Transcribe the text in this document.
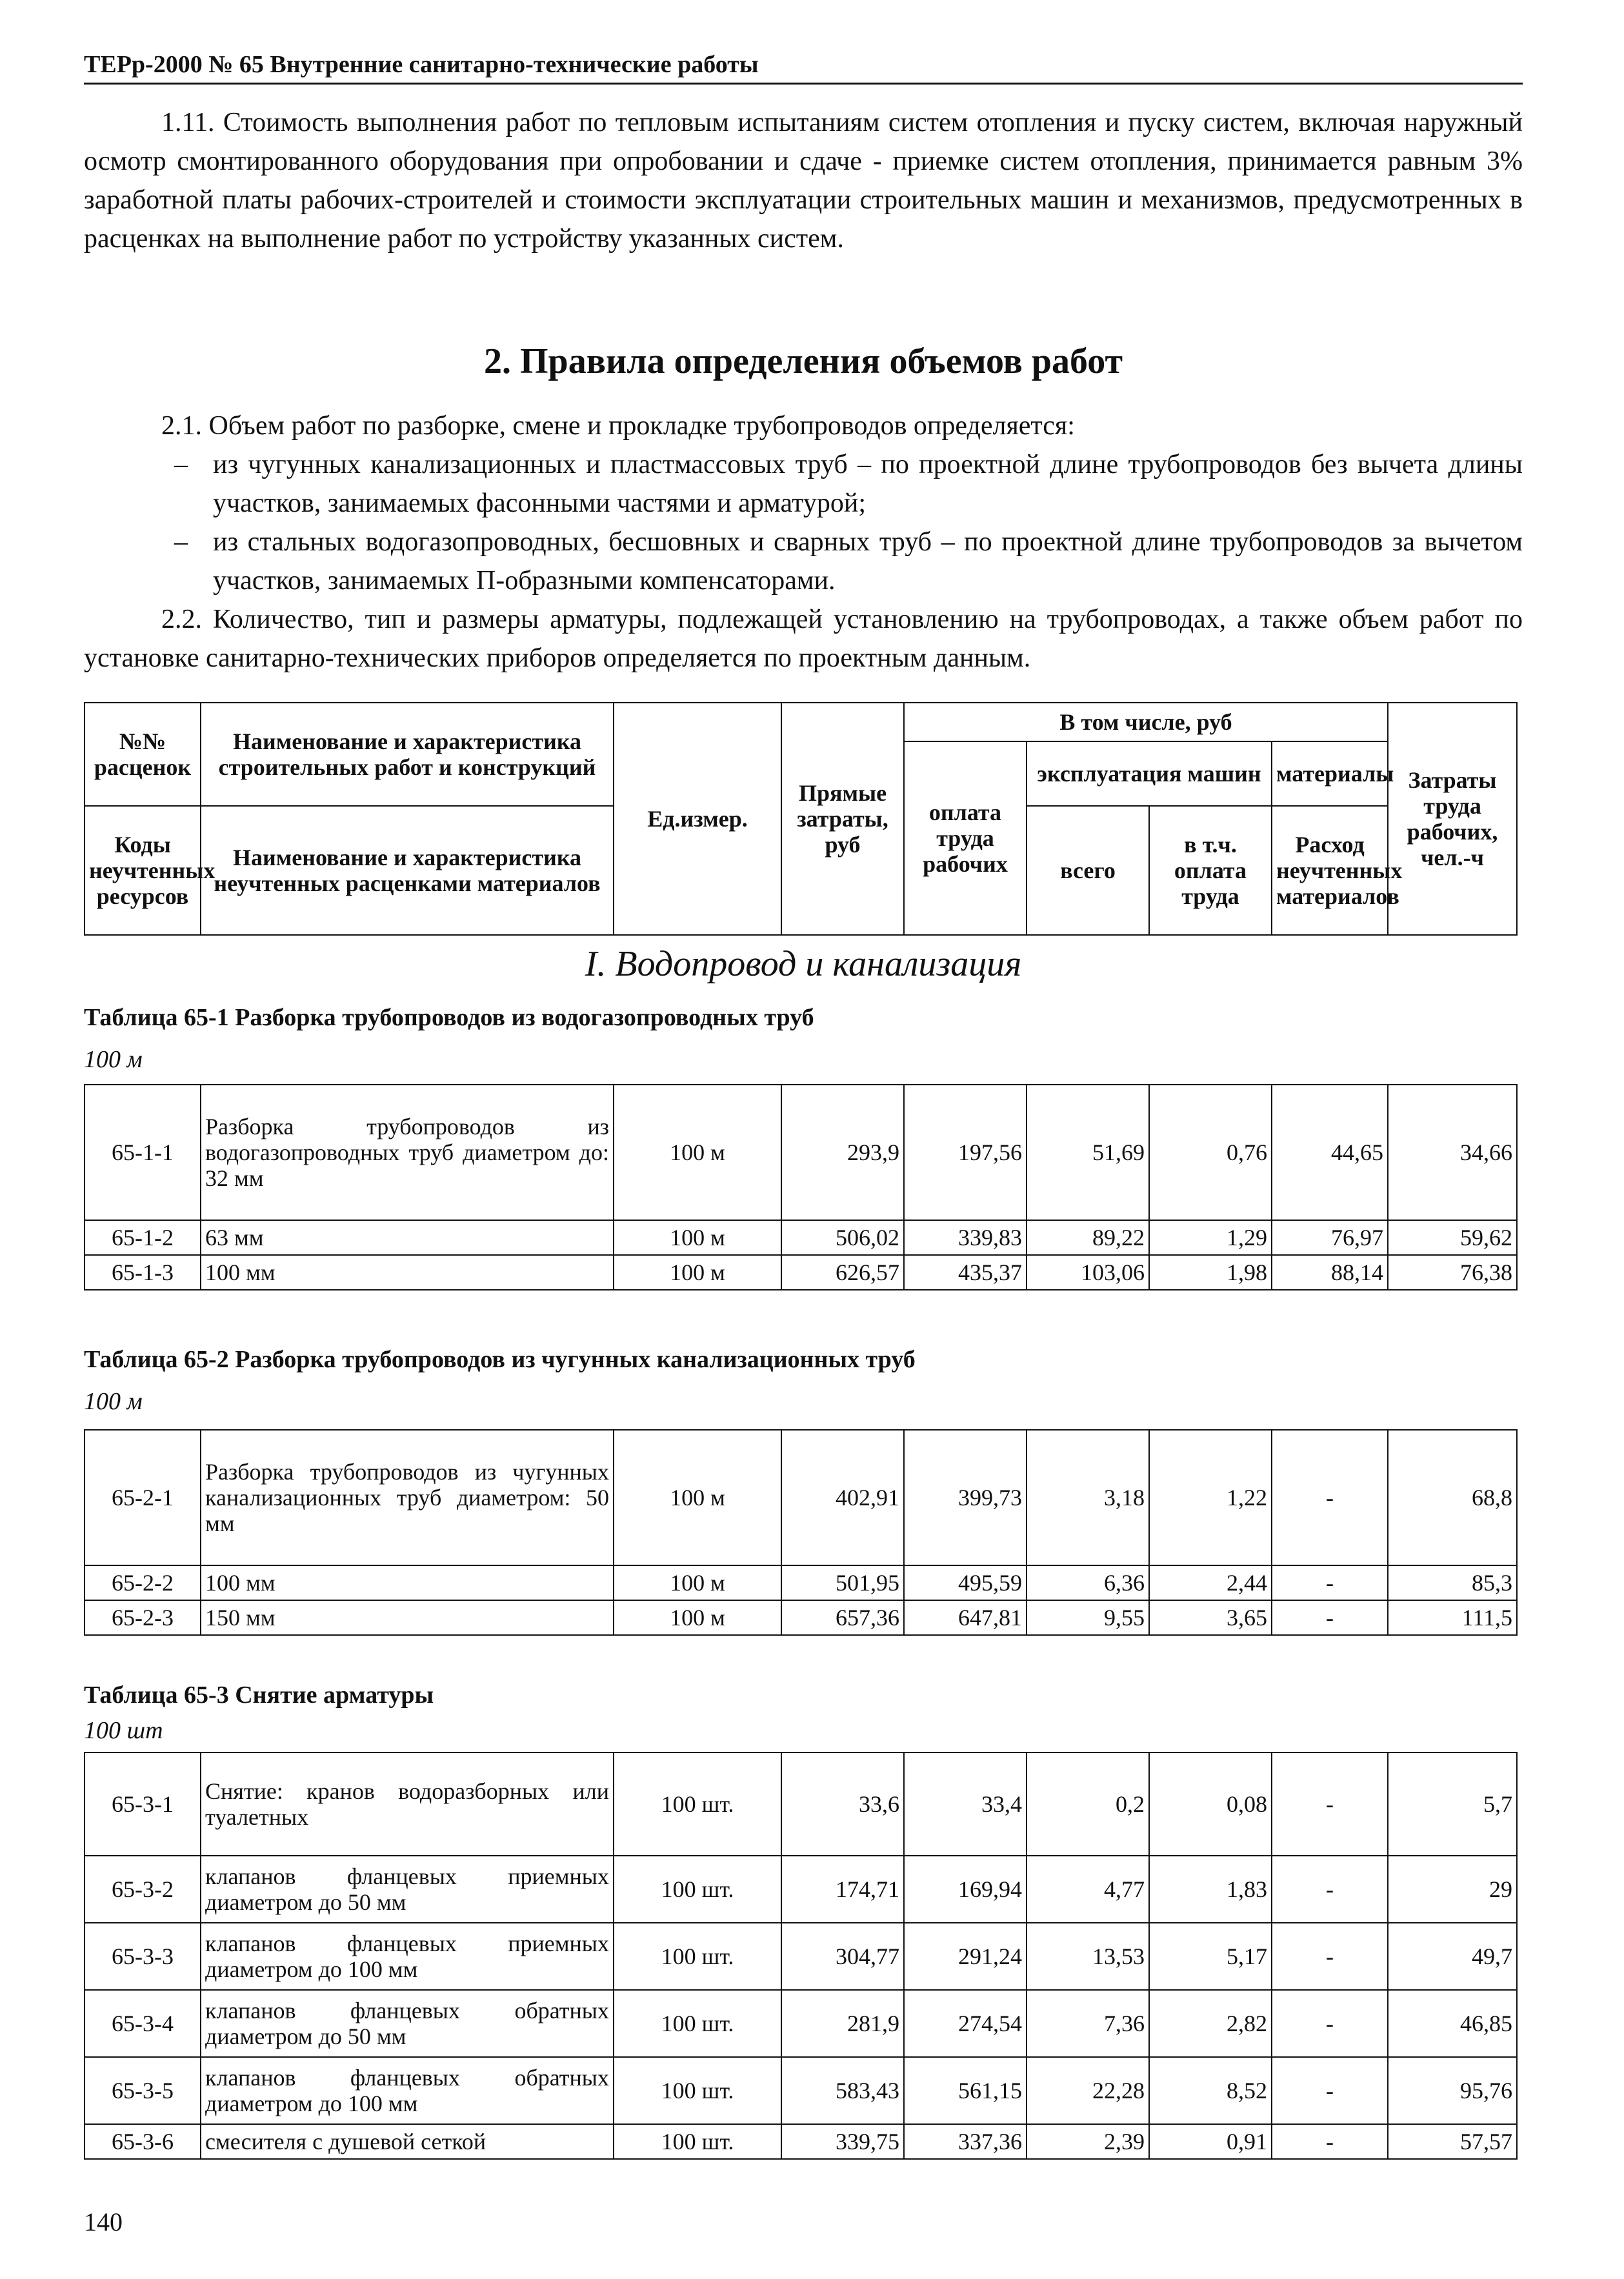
ТЕРр-2000 № 65 Внутренние санитарно-технические работы
1.11. Стоимость выполнения работ по тепловым испытаниям систем отопления и пуску систем, включая наружный осмотр смонтированного оборудования при опробовании и сдаче - приемке систем отопления, принимается равным 3% заработной платы рабочих-строителей и стоимости эксплуатации строительных машин и механизмов, предусмотренных в расценках на выполнение работ по устройству указанных систем.
2. Правила определения объемов работ
2.1. Объем работ по разборке, смене и прокладке трубопроводов определяется:
– из чугунных канализационных и пластмассовых труб – по проектной длине трубопроводов без вычета длины участков, занимаемых фасонными частями и арматурой;
– из стальных водогазопроводных, бесшовных и сварных труб – по проектной длине трубопроводов за вычетом участков, занимаемых П-образными компенсаторами.
2.2. Количество, тип и размеры арматуры, подлежащей установлению на трубопроводах, а также объем работ по установке санитарно-технических приборов определяется по проектным данным.
№№ расценок	Наименование и характеристика строительных работ и конструкций	Ед.измер.	Прямые затраты, руб	В том числе, руб				Затраты труда рабочих, чел.-ч
				оплата труда рабочих	эксплуатация машин		материалы	
Коды неучтенных ресурсов	Наименование и характеристика неучтенных расценками материалов				всего	в т.ч. оплата труда	Расход неучтенных материалов	

I. Водопровод и канализация
Таблица 65-1 Разборка трубопроводов из водогазопроводных труб
100 м
65-1-1	Разборка трубопроводов из водогазопроводных труб диаметром до: 32 мм	100 м	293,9	197,56	51,69	0,76	44,65	34,66
65-1-2	63 мм	100 м	506,02	339,83	89,22	1,29	76,97	59,62
65-1-3	100 мм	100 м	626,57	435,37	103,06	1,98	88,14	76,38
Таблица 65-2 Разборка трубопроводов из чугунных канализационных труб
100 м
65-2-1	Разборка трубопроводов из чугунных канализационных труб диаметром: 50 мм	100 м	402,91	399,73	3,18	1,22	-	68,8
65-2-2	100 мм	100 м	501,95	495,59	6,36	2,44	-	85,3
65-2-3	150 мм	100 м	657,36	647,81	9,55	3,65	-	111,5
Таблица 65-3 Снятие арматуры
100 шт
65-3-1	Снятие: кранов водоразборных или туалетных	100 шт.	33,6	33,4	0,2	0,08	-	5,7
65-3-2	клапанов фланцевых приемных диаметром до 50 мм	100 шт.	174,71	169,94	4,77	1,83	-	29
65-3-3	клапанов фланцевых приемных диаметром до 100 мм	100 шт.	304,77	291,24	13,53	5,17	-	49,7
65-3-4	клапанов фланцевых обратных диаметром до 50 мм	100 шт.	281,9	274,54	7,36	2,82	-	46,85
65-3-5	клапанов фланцевых обратных диаметром до 100 мм	100 шт.	583,43	561,15	22,28	8,52	-	95,76
65-3-6	смесителя с душевой сеткой	100 шт.	339,75	337,36	2,39	0,91	-	57,57
140
